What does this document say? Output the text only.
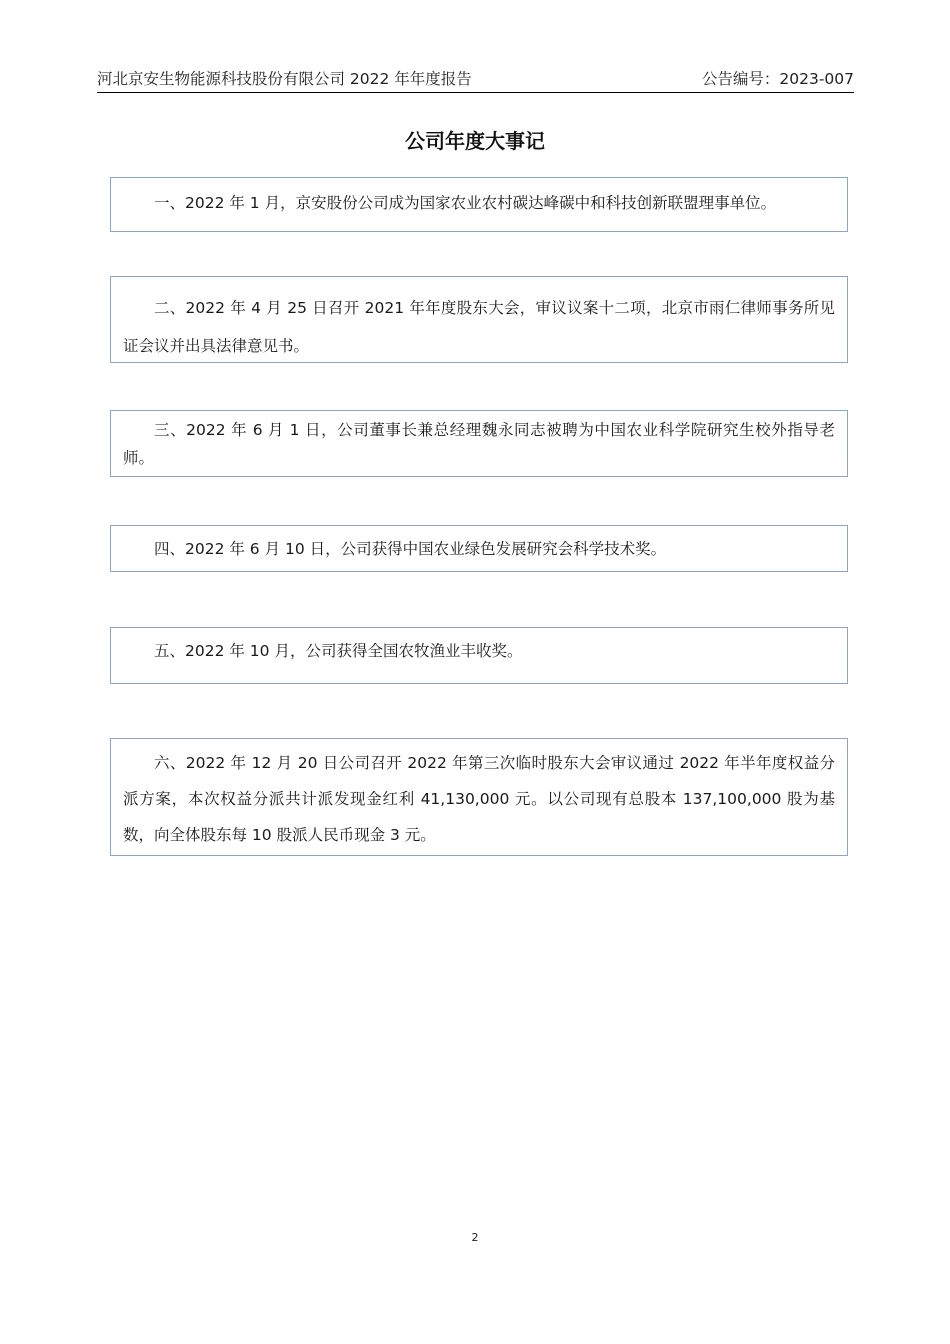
河北京安生物能源科技股份有限公司 2022 年年度报告	公告编号：2023-007
公司年度大事记

一、2022 年 1 月，京安股份公司成为国家农业农村碳达峰碳中和科技创新联盟理事单位。

二、2022 年 4 月 25 日召开 2021 年年度股东大会，审议议案十二项，北京市雨仁律师事务所见证会议并出具法律意见书。

三、2022 年 6 月 1 日，公司董事长兼总经理魏永同志被聘为中国农业科学院研究生校外指导老师。

四、2022 年 6 月 10 日，公司获得中国农业绿色发展研究会科学技术奖。

五、2022 年 10 月，公司获得全国农牧渔业丰收奖。

六、2022 年 12 月 20 日公司召开 2022 年第三次临时股东大会审议通过 2022 年半年度权益分派方案，本次权益分派共计派发现金红利 41,130,000 元。以公司现有总股本 137,100,000 股为基数，向全体股东每 10 股派人民币现金 3 元。

2
